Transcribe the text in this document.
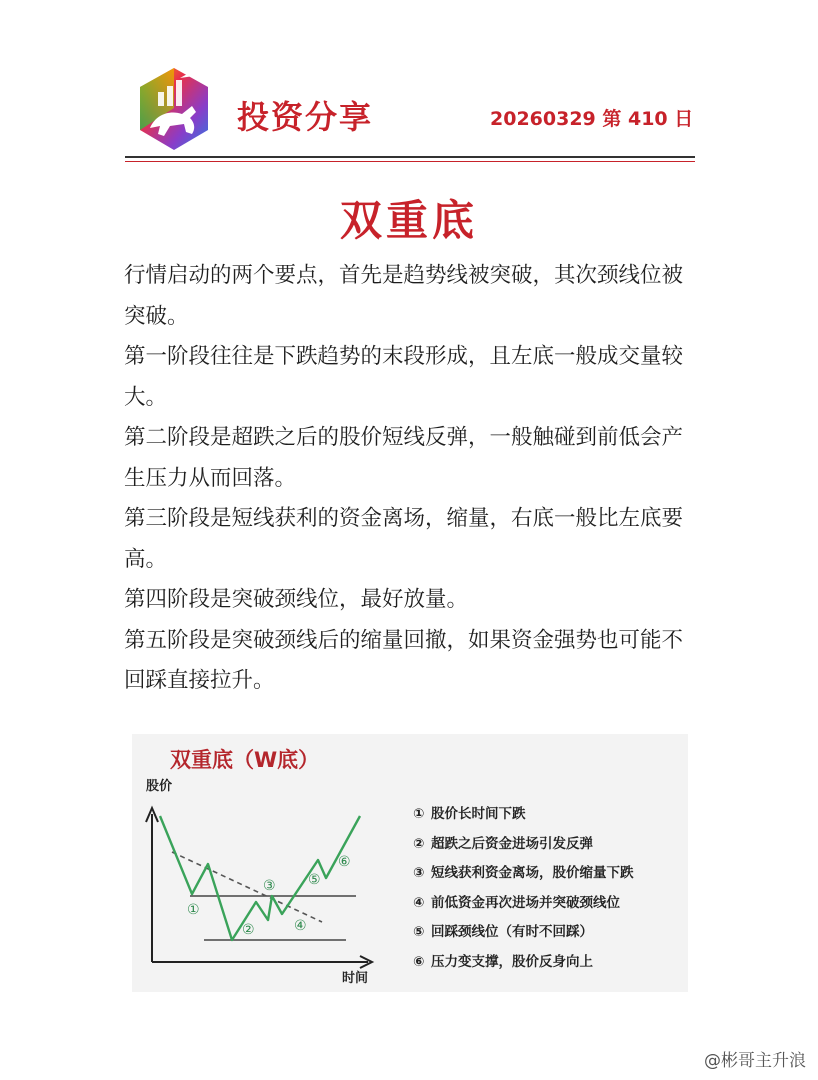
投资分享	20260329 第 410 日
双重底

行情启动的两个要点，首先是趋势线被突破，其次颈线位被突破。

第一阶段往往是下跌趋势的末段形成，且左底一般成交量较大。

第二阶段是超跌之后的股价短线反弹，一般触碰到前低会产生压力从而回落。

第三阶段是短线获利的资金离场，缩量，右底一般比左底要高。

第四阶段是突破颈线位，最好放量。

第五阶段是突破颈线后的缩量回撤，如果资金强势也可能不回踩直接拉升。

双重底（W底）
股价
时间
①
②
③
④
⑤
⑥
① 股价长时间下跌
② 超跌之后资金进场引发反弹
③ 短线获利资金离场，股价缩量下跌
④ 前低资金再次进场并突破颈线位
⑤ 回踩颈线位（有时不回踩）
⑥ 压力变支撑，股价反身向上
@彬哥主升浪
